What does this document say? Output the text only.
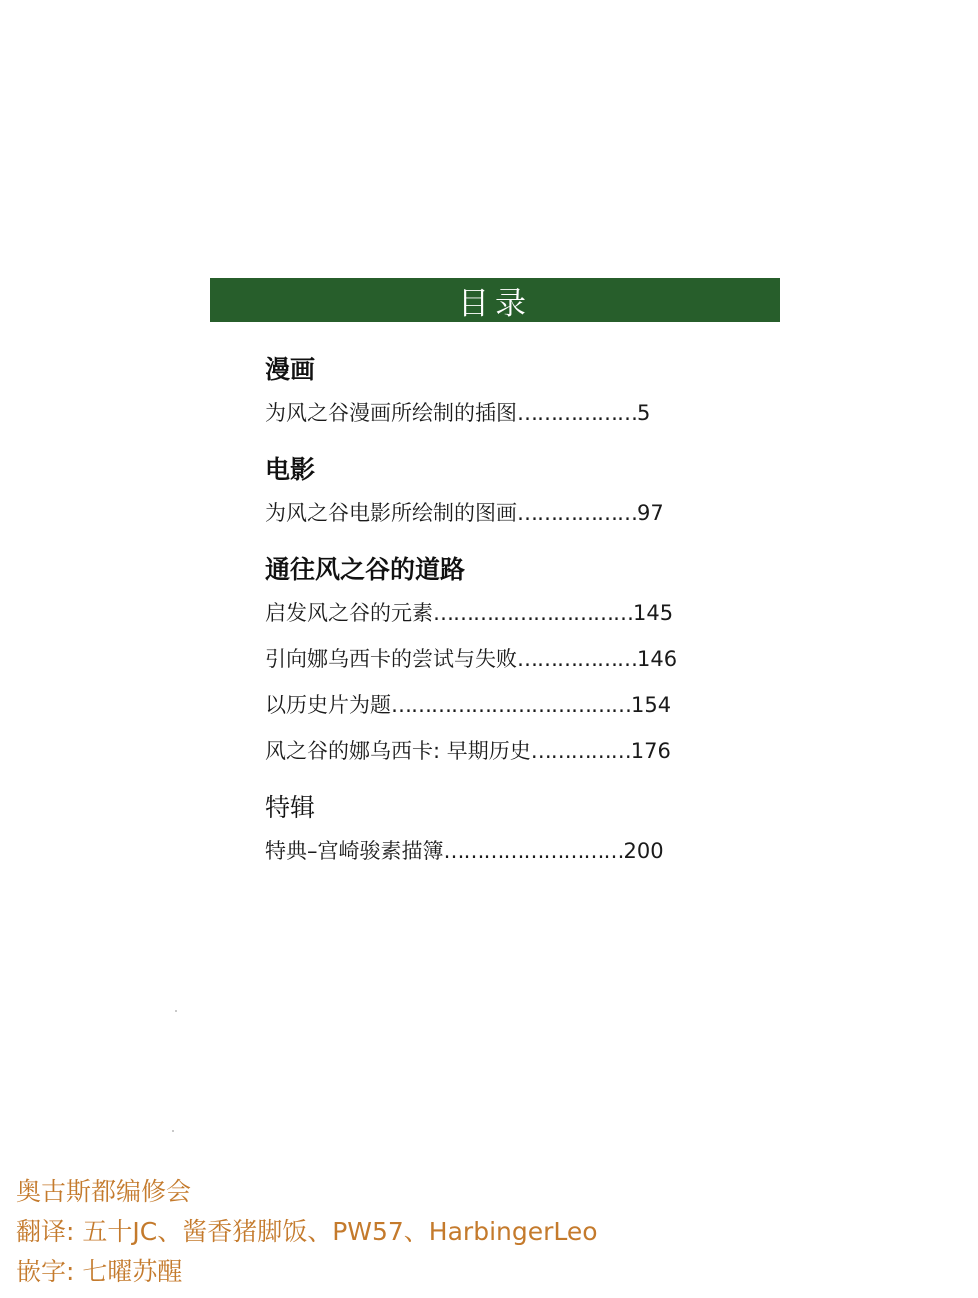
目录
漫画
为风之谷漫画所绘制的插图………………5
电影
为风之谷电影所绘制的图画………………97
通往风之谷的道路
启发风之谷的元素…………………………145
引向娜乌西卡的尝试与失败………………146
以历史片为题………………………………154
风之谷的娜乌西卡: 早期历史……………176
特辑
特典–宫崎骏素描簿………………………200
奥古斯都编修会
翻译: 五十JC、酱香猪脚饭、PW57、HarbingerLeo
嵌字: 七曜苏醒
